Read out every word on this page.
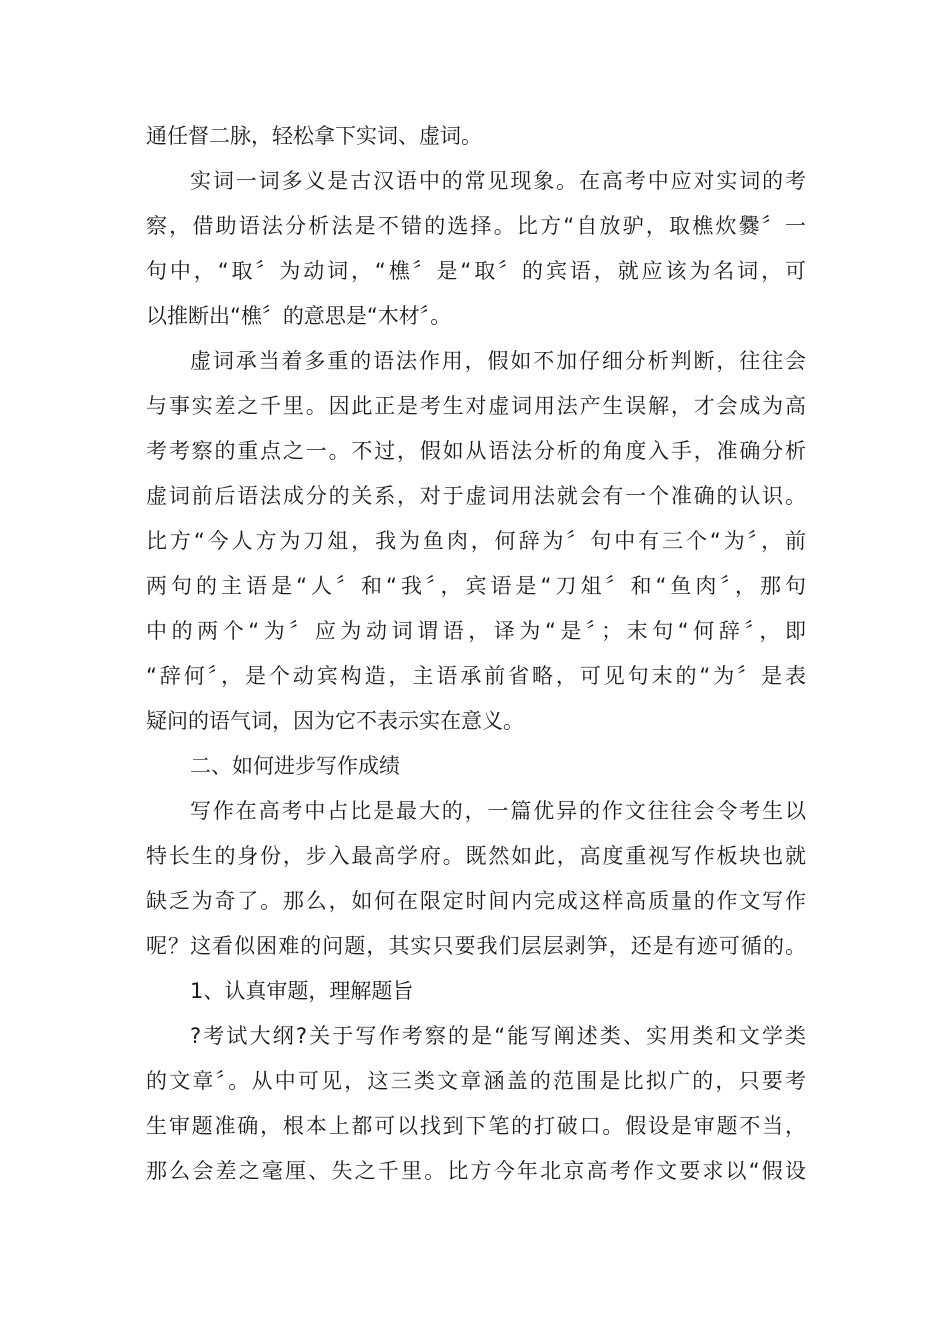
通任督二脉，轻松拿下实词、虚词。
实词一词多义是古汉语中的常见现象。在高考中应对实词的考
察，借助语法分析法是不错的选择。比方“自放驴，取樵炊爨〞一
句中，“取〞为动词，“樵〞是“取〞的宾语，就应该为名词，可
以推断出“樵〞的意思是“木材〞。
虚词承当着多重的语法作用，假如不加仔细分析判断，往往会
与事实差之千里。因此正是考生对虚词用法产生误解，才会成为高
考考察的重点之一。不过，假如从语法分析的角度入手，准确分析
虚词前后语法成分的关系，对于虚词用法就会有一个准确的认识。
比方“今人方为刀俎，我为鱼肉，何辞为〞句中有三个“为〞，前
两句的主语是“人〞和“我〞，宾语是“刀俎〞和“鱼肉〞，那句
中的两个“为〞应为动词谓语，译为“是〞；末句“何辞〞，即
“辞何〞，是个动宾构造，主语承前省略，可见句末的“为〞是表
疑问的语气词，因为它不表示实在意义。
二、如何进步写作成绩
写作在高考中占比是最大的，一篇优异的作文往往会令考生以
特长生的身份，步入最高学府。既然如此，高度重视写作板块也就
缺乏为奇了。那么，如何在限定时间内完成这样高质量的作文写作
呢？这看似困难的问题，其实只要我们层层剥笋，还是有迹可循的。
1、认真审题，理解题旨
?考试大纲?关于写作考察的是“能写阐述类、实用类和文学类
的文章〞。从中可见，这三类文章涵盖的范围是比拟广的，只要考
生审题准确，根本上都可以找到下笔的打破口。假设是审题不当，
那么会差之毫厘、失之千里。比方今年北京高考作文要求以“假设
